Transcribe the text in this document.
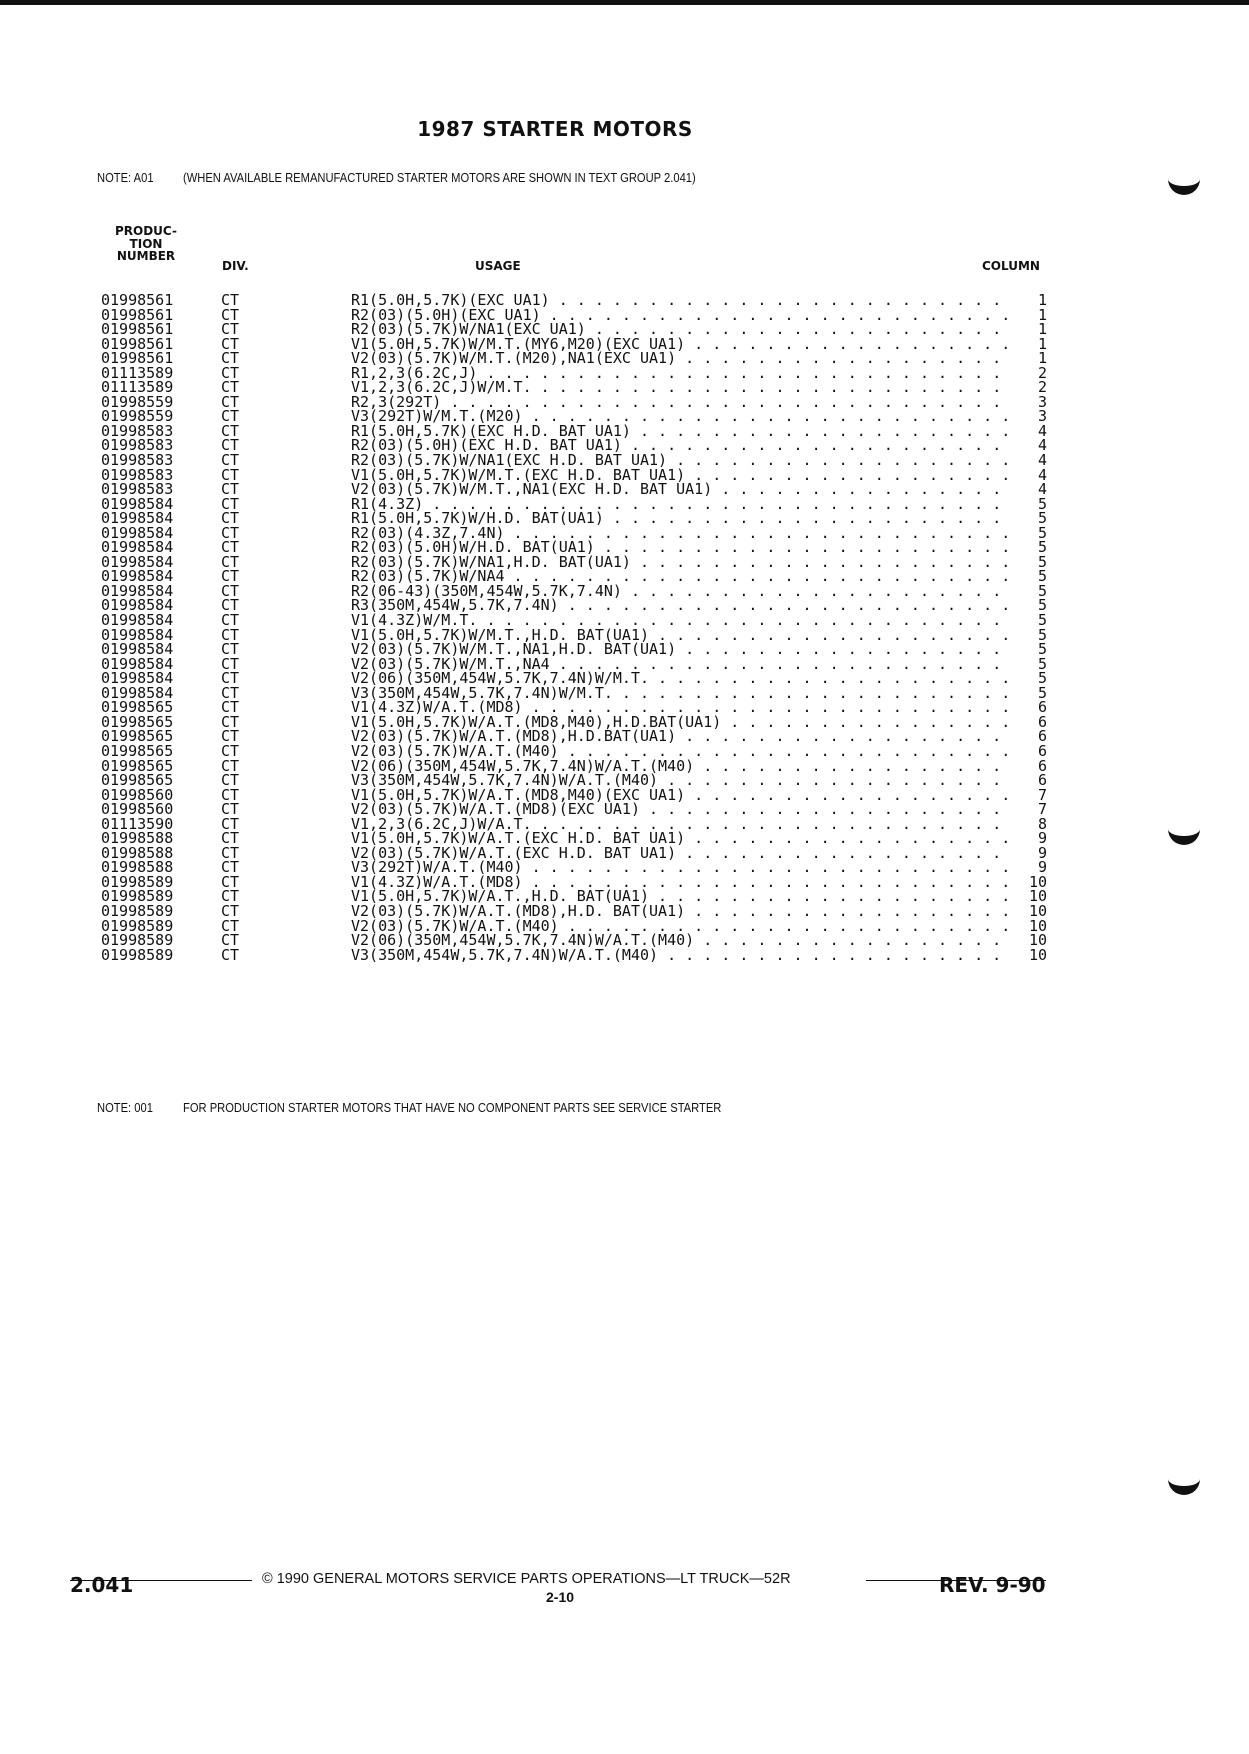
1987 STARTER MOTORS
NOTE: A01 (WHEN AVAILABLE REMANUFACTURED STARTER MOTORS ARE SHOWN IN TEXT GROUP 2.041)
PRODUC-
TION
NUMBER
DIV.	USAGE	COLUMN
01998561	CT	R1(5.0H,5.7K)(EXC UA1) . . .	1
01998561	CT	R2(03)(5.0H)(EXC UA1) . . .	1
01998561	CT	R2(03)(5.7K)W/NA1(EXC UA1) . . .	1
01998561	CT	V1(5.0H,5.7K)W/M.T.(MY6,M20)(EXC UA1) . . .	1
01998561	CT	V2(03)(5.7K)W/M.T.(M20),NA1(EXC UA1) . . .	1
01113589	CT	R1,2,3(6.2C,J) . . .	2
01113589	CT	V1,2,3(6.2C,J)W/M.T. . . .	2
01998559	CT	R2,3(292T) . . .	3
01998559	CT	V3(292T)W/M.T.(M20) . . .	3
01998583	CT	R1(5.0H,5.7K)(EXC H.D. BAT UA1) . . .	4
01998583	CT	R2(03)(5.0H)(EXC H.D. BAT UA1) . . .	4
01998583	CT	R2(03)(5.7K)W/NA1(EXC H.D. BAT UA1) . . .	4
01998583	CT	V1(5.0H,5.7K)W/M.T.(EXC H.D. BAT UA1) . . .	4
01998583	CT	V2(03)(5.7K)W/M.T.,NA1(EXC H.D. BAT UA1) . . .	4
01998584	CT	R1(4.3Z) . . .	5
01998584	CT	R1(5.0H,5.7K)W/H.D. BAT(UA1) . . .	5
01998584	CT	R2(03)(4.3Z,7.4N) . . .	5
01998584	CT	R2(03)(5.0H)W/H.D. BAT(UA1) . . .	5
01998584	CT	R2(03)(5.7K)W/NA1,H.D. BAT(UA1) . . .	5
01998584	CT	R2(03)(5.7K)W/NA4 . . .	5
01998584	CT	R2(06-43)(350M,454W,5.7K,7.4N) . . .	5
01998584	CT	R3(350M,454W,5.7K,7.4N) . . .	5
01998584	CT	V1(4.3Z)W/M.T. . . .	5
01998584	CT	V1(5.0H,5.7K)W/M.T.,H.D. BAT(UA1) . . .	5
01998584	CT	V2(03)(5.7K)W/M.T.,NA1,H.D. BAT(UA1) . . .	5
01998584	CT	V2(03)(5.7K)W/M.T.,NA4 . . .	5
01998584	CT	V2(06)(350M,454W,5.7K,7.4N)W/M.T. . . .	5
01998584	CT	V3(350M,454W,5.7K,7.4N)W/M.T. . . .	5
01998565	CT	V1(4.3Z)W/A.T.(MD8) . . .	6
01998565	CT	V1(5.0H,5.7K)W/A.T.(MD8,M40),H.D.BAT(UA1) . . .	6
01998565	CT	V2(03)(5.7K)W/A.T.(MD8),H.D.BAT(UA1) . . .	6
01998565	CT	V2(03)(5.7K)W/A.T.(M40) . . .	6
01998565	CT	V2(06)(350M,454W,5.7K,7.4N)W/A.T.(M40) . . .	6
01998565	CT	V3(350M,454W,5.7K,7.4N)W/A.T.(M40) . . .	6
01998560	CT	V1(5.0H,5.7K)W/A.T.(MD8,M40)(EXC UA1) . . .	7
01998560	CT	V2(03)(5.7K)W/A.T.(MD8)(EXC UA1) . . .	7
01113590	CT	V1,2,3(6.2C,J)W/A.T. . . .	8
01998588	CT	V1(5.0H,5.7K)W/A.T.(EXC H.D. BAT UA1) . . .	9
01998588	CT	V2(03)(5.7K)W/A.T.(EXC H.D. BAT UA1) . . .	9
01998588	CT	V3(292T)W/A.T.(M40) . . .	9
01998589	CT	V1(4.3Z)W/A.T.(MD8) . . .	10
01998589	CT	V1(5.0H,5.7K)W/A.T.,H.D. BAT(UA1) . . .	10
01998589	CT	V2(03)(5.7K)W/A.T.(MD8),H.D. BAT(UA1) . . .	10
01998589	CT	V2(03)(5.7K)W/A.T.(M40) . . .	10
01998589	CT	V2(06)(350M,454W,5.7K,7.4N)W/A.T.(M40) . . .	10
01998589	CT	V3(350M,454W,5.7K,7.4N)W/A.T.(M40) . . .	10
NOTE: 001 FOR PRODUCTION STARTER MOTORS THAT HAVE NO COMPONENT PARTS SEE SERVICE STARTER
© 1990 GENERAL MOTORS SERVICE PARTS OPERATIONS—LT TRUCK—52R
2.041	2-10	REV. 9-90
